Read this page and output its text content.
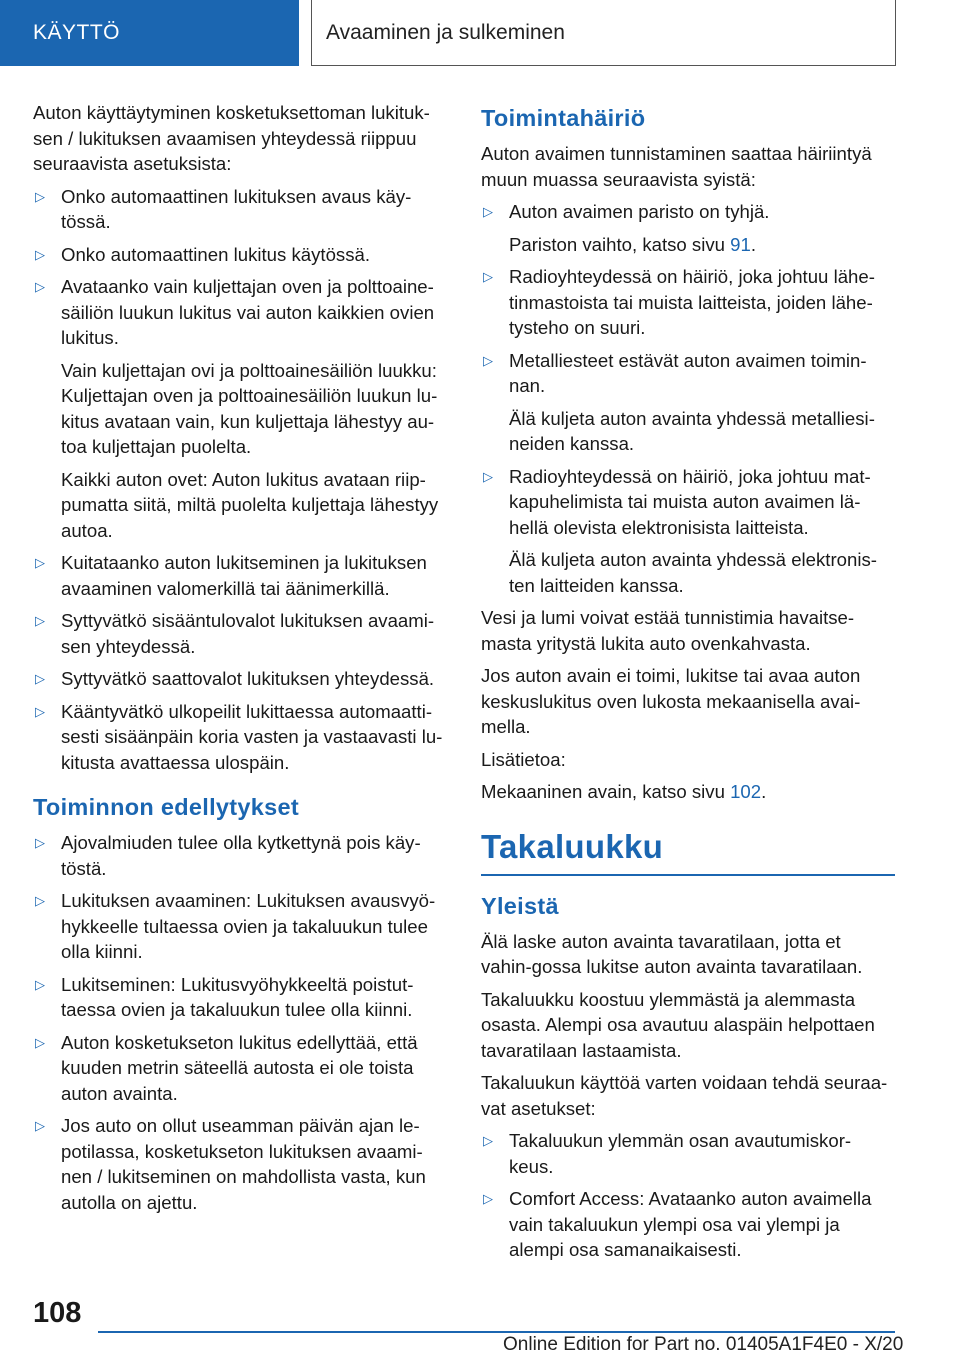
KÄYTTÖ	Avaaminen ja sulkeminen

Auton käyttäytyminen kosketuksettoman lukituk-sen / lukituksen avaamisen yhteydessä riippuu seuraavista asetuksista:

▷ Onko automaattinen lukituksen avaus käy-tössä.
▷ Onko automaattinen lukitus käytössä.
▷ Avataanko vain kuljettajan oven ja polttoaine-säiliön luukun lukitus vai auton kaikkien ovien lukitus.

Vain kuljettajan ovi ja polttoainesäiliön luukku: Kuljettajan oven ja polttoainesäiliön luukun lu-kitus avataan vain, kun kuljettaja lähestyy au-toa kuljettajan puolelta.

Kaikki auton ovet: Auton lukitus avataan riip-pumatta siitä, miltä puolelta kuljettaja lähestyy autoa.

▷ Kuitataanko auton lukitseminen ja lukituksen avaaminen valomerkillä tai äänimerkillä.
▷ Syttyvätkö sisääntulovalot lukituksen avaami-sen yhteydessä.
▷ Syttyvätkö saattovalot lukituksen yhteydessä.
▷ Kääntyvätkö ulkopeilit lukittaessa automaatti-sesti sisäänpäin koria vasten ja vastaavasti lu-kitusta avattaessa ulospäin.
Toiminnon edellytykset
▷ Ajovalmiuden tulee olla kytkettynä pois käy-töstä.
▷ Lukituksen avaaminen: Lukituksen avausvyö-hykkeelle tultaessa ovien ja takaluukun tulee olla kiinni.
▷ Lukitseminen: Lukitusvyöhykkeeltä poistut-taessa ovien ja takaluukun tulee olla kiinni.
▷ Auton kosketukseton lukitus edellyttää, että kuuden metrin säteellä autosta ei ole toista auton avainta.
▷ Jos auto on ollut useamman päivän ajan le-potilassa, kosketukseton lukituksen avaami-nen / lukitseminen on mahdollista vasta, kun autolla on ajettu.
Toimintahäiriö

Auton avaimen tunnistaminen saattaa häiriintyä muun muassa seuraavista syistä:

▷ Auton avaimen paristo on tyhjä.

Pariston vaihto, katso sivu 91.

▷ Radioyhteydessä on häiriö, joka johtuu lähe-tinmastoista tai muista laitteista, joiden lähe-tysteho on suuri.
▷ Metalliesteet estävät auton avaimen toimin-nan.

Älä kuljeta auton avainta yhdessä metalliesi-neiden kanssa.

▷ Radioyhteydessä on häiriö, joka johtuu mat-kapuhelimista tai muista auton avaimen lä-hellä olevista elektronisista laitteista.

Älä kuljeta auton avainta yhdessä elektronis-ten laitteiden kanssa.

Vesi ja lumi voivat estää tunnistimia havaitse-masta yritystä lukita auto ovenkahvasta.

Jos auton avain ei toimi, lukitse tai avaa auton keskuslukitus oven lukosta mekaanisella avai-mella.

Lisätietoa:

Mekaaninen avain, katso sivu 102.

Takaluukku
Yleistä

Älä laske auton avainta tavaratilaan, jotta et vahin-gossa lukitse auton avainta tavaratilaan.

Takaluukku koostuu ylemmästä ja alemmasta osasta. Alempi osa avautuu alaspäin helpottaen tavaratilaan lastaamista.

Takaluukun käyttöä varten voidaan tehdä seuraa-vat asetukset:

▷ Takaluukun ylemmän osan avautumiskor-keus.
▷ Comfort Access: Avataanko auton avaimella vain takaluukun ylempi osa vai ylempi ja alempi osa samanaikaisesti.
108
Online Edition for Part no. 01405A1F4E0 - X/20
